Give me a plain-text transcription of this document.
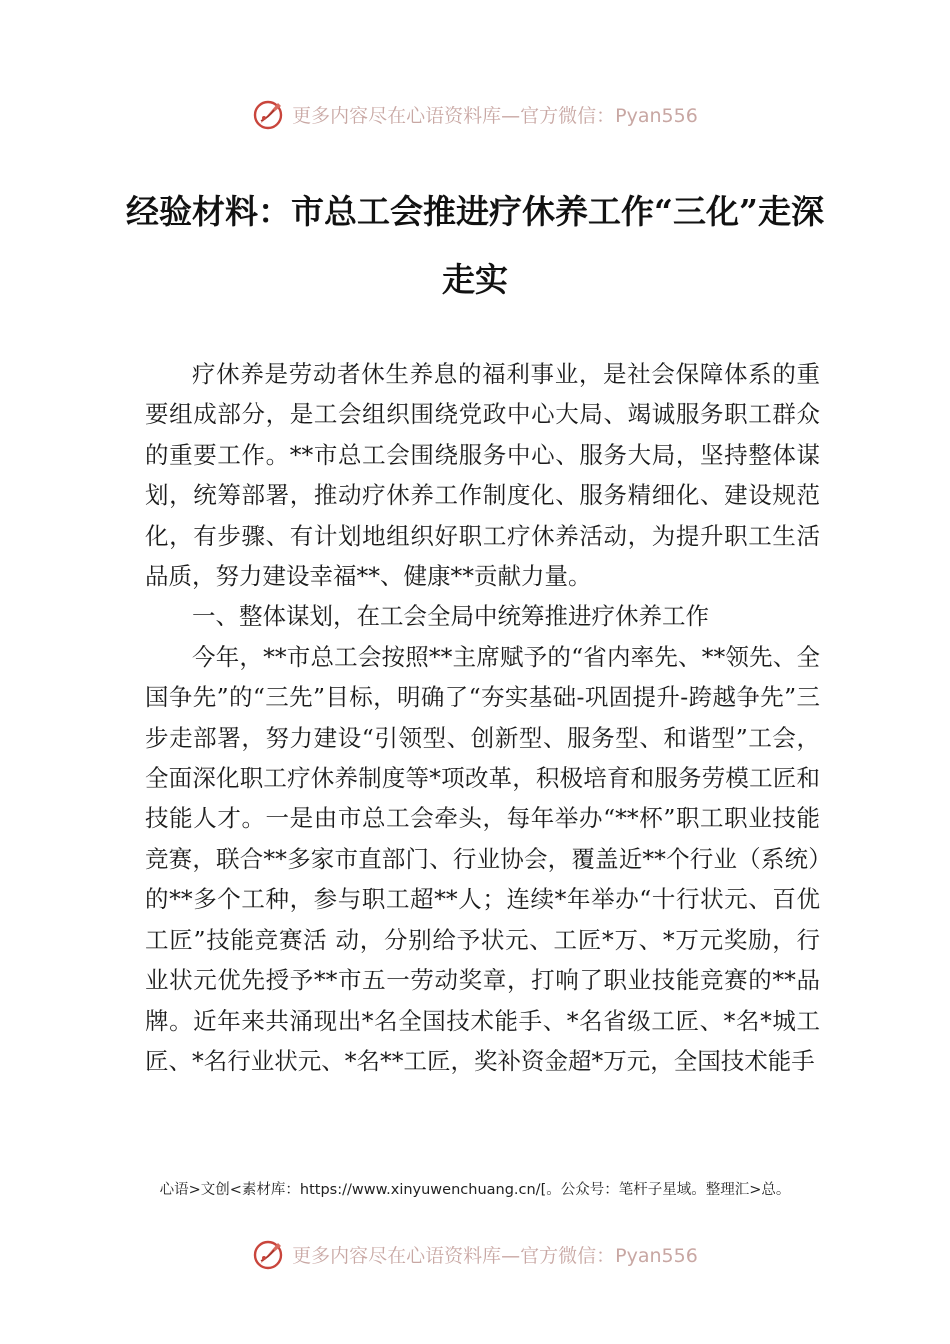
更多内容尽在心语资料库—官方微信：Pyan556
经验材料：市总工会推进疗休养工作“三化”走深走实

疗休养是劳动者休生养息的福利事业，是社会保障体系的重要组成部分，是工会组织围绕党政中心大局、竭诚服务职工群众的重要工作。**市总工会围绕服务中心、服务大局，坚持整体谋划，统筹部署，推动疗休养工作制度化、服务精细化、建设规范化，有步骤、有计划地组织好职工疗休养活动，为提升职工生活品质，努力建设幸福**、健康**贡献力量。

一、整体谋划，在工会全局中统筹推进疗休养工作

今年，**市总工会按照**主席赋予的“省内率先、**领先、全国争先”的“三先”目标，明确了“夯实基础-巩固提升-跨越争先”三步走部署，努力建设“引领型、创新型、服务型、和谐型”工会，全面深化职工疗休养制度等*项改革，积极培育和服务劳模工匠和技能人才。一是由市总工会牵头，每年举办“**杯”职工职业技能竞赛，联合**多家市直部门、行业协会，覆盖近**个行业（系统）的**多个工种，参与职工超**人；连续*年举办“十行状元、百优工匠”技能竞赛活 动，分别给予状元、工匠*万、*万元奖励，行业状元优先授予**市五一劳动奖章，打响了职业技能竞赛的**品牌。近年来共涌现出*名全国技术能手、*名省级工匠、*名*城工匠、*名行业状元、*名**工匠，奖补资金超*万元，全国技术能手

心语>文创<素材库：https://www.xinyuwenchuang.cn/[。公众号：笔杆子星域。整理汇>总。
更多内容尽在心语资料库—官方微信：Pyan556
